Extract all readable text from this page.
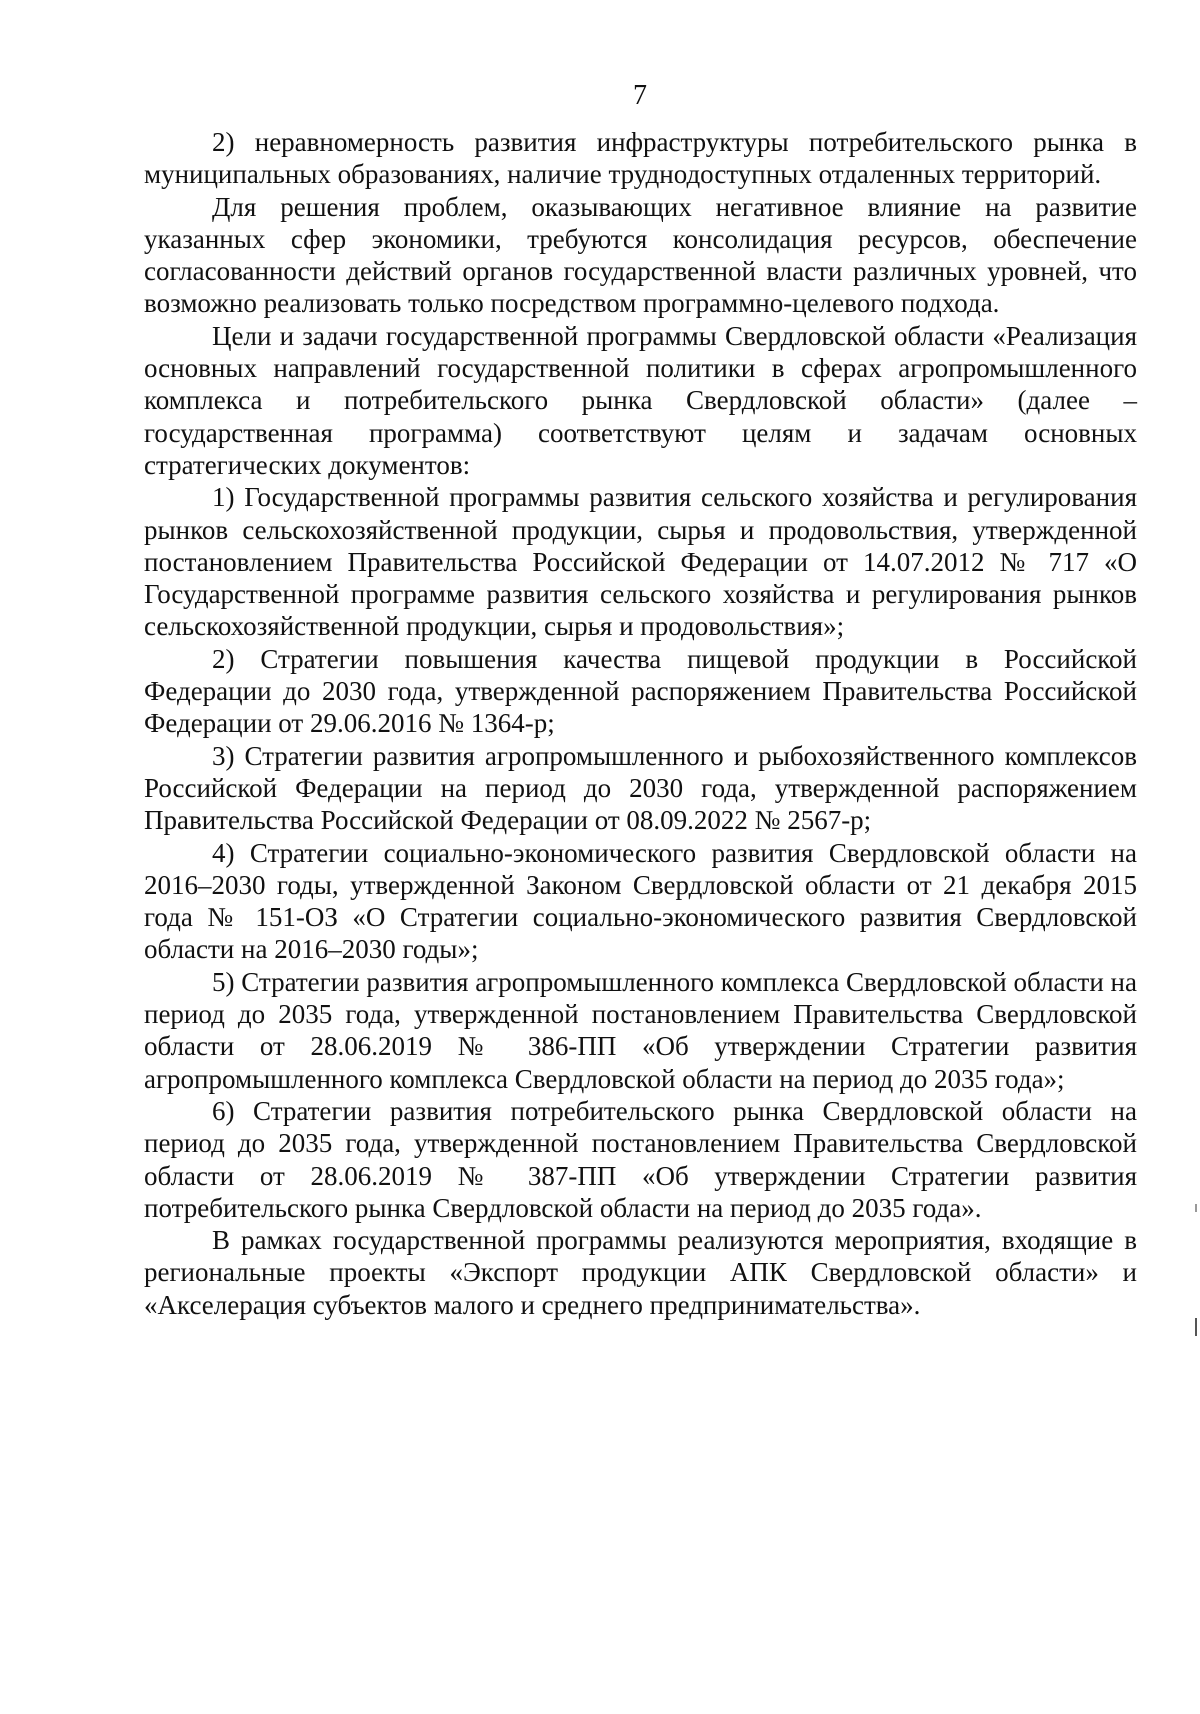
7

2) неравномерность развития инфраструктуры потребительского рынка в муниципальных образованиях, наличие труднодоступных отдаленных территорий.

Для решения проблем, оказывающих негативное влияние на развитие указанных сфер экономики, требуются консолидация ресурсов, обеспечение согласованности действий органов государственной власти различных уровней, что возможно реализовать только посредством программно-целевого подхода.

Цели и задачи государственной программы Свердловской области «Реализация основных направлений государственной политики в сферах агропромышленного комплекса и потребительского рынка Свердловской области» (далее – государственная программа) соответствуют целям и задачам основных стратегических документов:

1) Государственной программы развития сельского хозяйства и регулирования рынков сельскохозяйственной продукции, сырья и продовольствия, утвержденной постановлением Правительства Российской Федерации от 14.07.2012 № 717 «О Государственной программе развития сельского хозяйства и регулирования рынков сельскохозяйственной продукции, сырья и продовольствия»;

2) Стратегии повышения качества пищевой продукции в Российской Федерации до 2030 года, утвержденной распоряжением Правительства Российской Федерации от 29.06.2016 № 1364-р;

3) Стратегии развития агропромышленного и рыбохозяйственного комплексов Российской Федерации на период до 2030 года, утвержденной распоряжением Правительства Российской Федерации от 08.09.2022 № 2567-р;

4) Стратегии социально-экономического развития Свердловской области на 2016–2030 годы, утвержденной Законом Свердловской области от 21 декабря 2015 года № 151-ОЗ «О Стратегии социально-экономического развития Свердловской области на 2016–2030 годы»;

5) Стратегии развития агропромышленного комплекса Свердловской области на период до 2035 года, утвержденной постановлением Правительства Свердловской области от 28.06.2019 № 386-ПП «Об утверждении Стратегии развития агропромышленного комплекса Свердловской области на период до 2035 года»;

6) Стратегии развития потребительского рынка Свердловской области на период до 2035 года, утвержденной постановлением Правительства Свердловской области от 28.06.2019 № 387-ПП «Об утверждении Стратегии развития потребительского рынка Свердловской области на период до 2035 года».

В рамках государственной программы реализуются мероприятия, входящие в региональные проекты «Экспорт продукции АПК Свердловской области» и «Акселерация субъектов малого и среднего предпринимательства».
